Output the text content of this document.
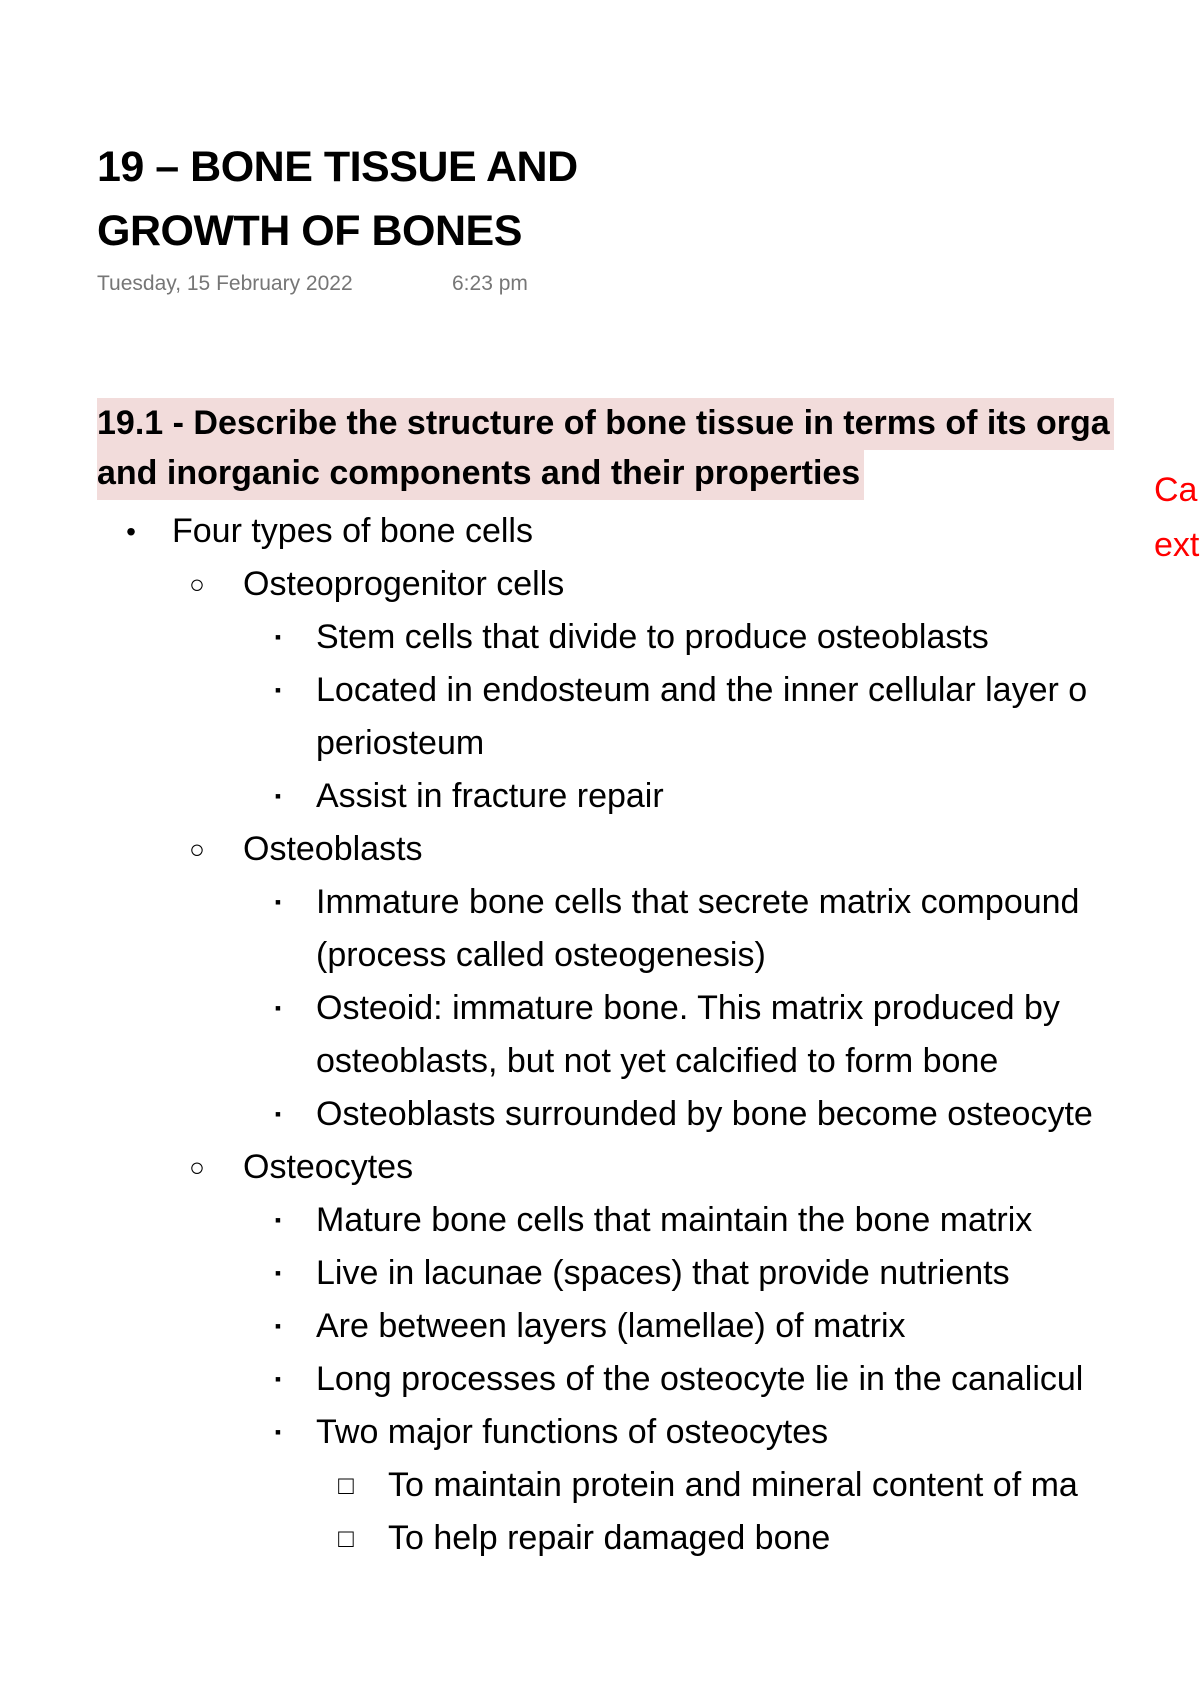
19 – BONE TISSUE AND
GROWTH OF BONES
Tuesday, 15 February 2022	6:23 pm
19.1 - Describe the structure of bone tissue in terms of its orga
and inorganic components and their properties	Ca
ext
• Four types of bone cells
○ Osteoprogenitor cells
▪ Stem cells that divide to produce osteoblasts
▪ Located in endosteum and the inner cellular layer o
periosteum
▪ Assist in fracture repair
○ Osteoblasts
▪ Immature bone cells that secrete matrix compound
(process called osteogenesis)
▪ Osteoid: immature bone. This matrix produced by
osteoblasts, but not yet calcified to form bone
▪ Osteoblasts surrounded by bone become osteocyte
○ Osteocytes
▪ Mature bone cells that maintain the bone matrix
▪ Live in lacunae (spaces) that provide nutrients
▪ Are between layers (lamellae) of matrix
▪ Long processes of the osteocyte lie in the canalicul
▪ Two major functions of osteocytes
□ To maintain protein and mineral content of ma
□ To help repair damaged bone
